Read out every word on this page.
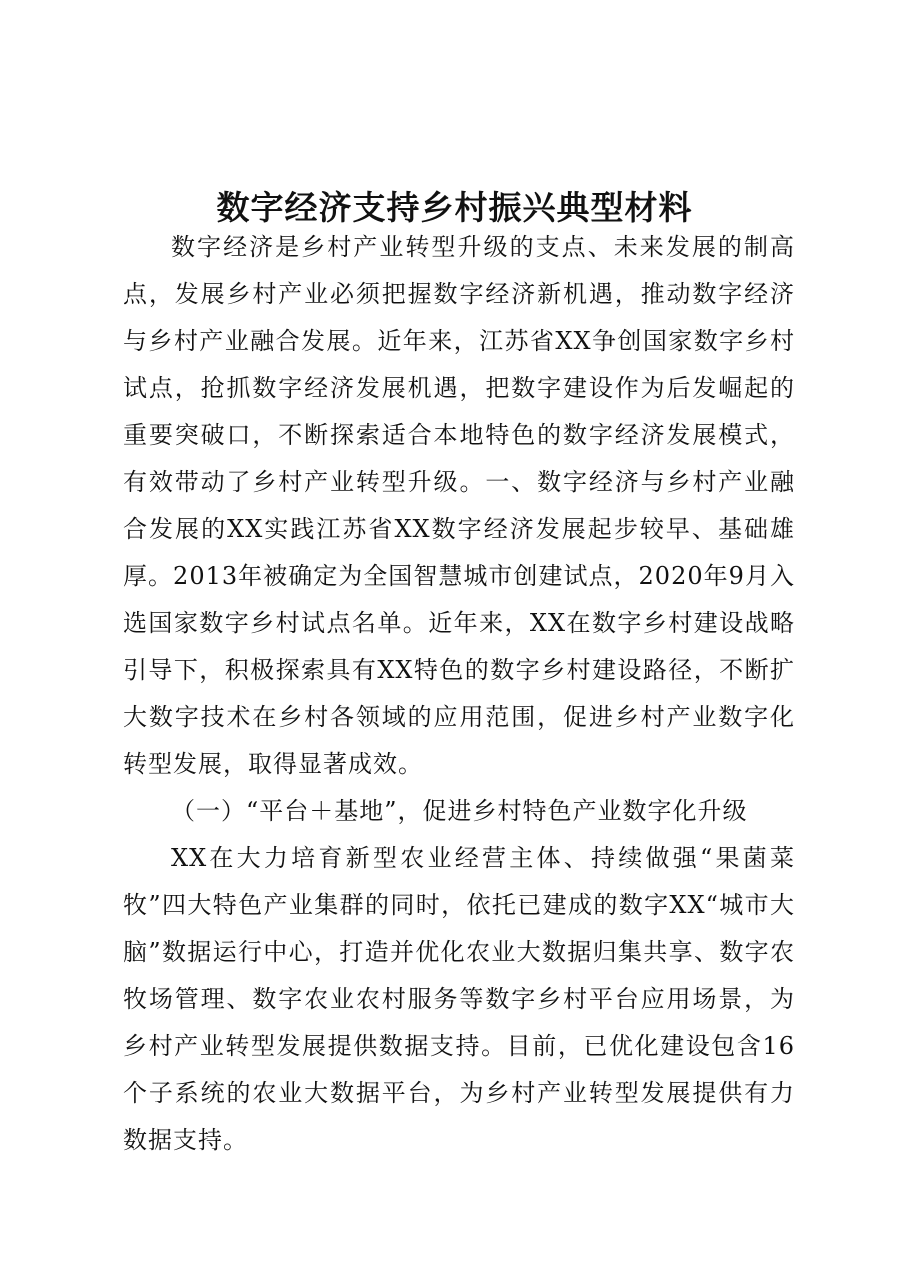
数字经济支持乡村振兴典型材料

数字经济是乡村产业转型升级的支点、未来发展的制高点，发展乡村产业必须把握数字经济新机遇，推动数字经济与乡村产业融合发展。近年来，江苏省XX争创国家数字乡村试点，抢抓数字经济发展机遇，把数字建设作为后发崛起的重要突破口，不断探索适合本地特色的数字经济发展模式，有效带动了乡村产业转型升级。一、数字经济与乡村产业融合发展的XX实践江苏省XX数字经济发展起步较早、基础雄厚。2013年被确定为全国智慧城市创建试点，2020年9月入选国家数字乡村试点名单。近年来，XX在数字乡村建设战略引导下，积极探索具有XX特色的数字乡村建设路径，不断扩大数字技术在乡村各领域的应用范围，促进乡村产业数字化转型发展，取得显著成效。

（一）“平台＋基地”，促进乡村特色产业数字化升级

XX在大力培育新型农业经营主体、持续做强“果菌菜牧”四大特色产业集群的同时，依托已建成的数字XX“城市大脑”数据运行中心，打造并优化农业大数据归集共享、数字农牧场管理、数字农业农村服务等数字乡村平台应用场景，为乡村产业转型发展提供数据支持。目前，已优化建设包含16个子系统的农业大数据平台，为乡村产业转型发展提供有力数据支持。
